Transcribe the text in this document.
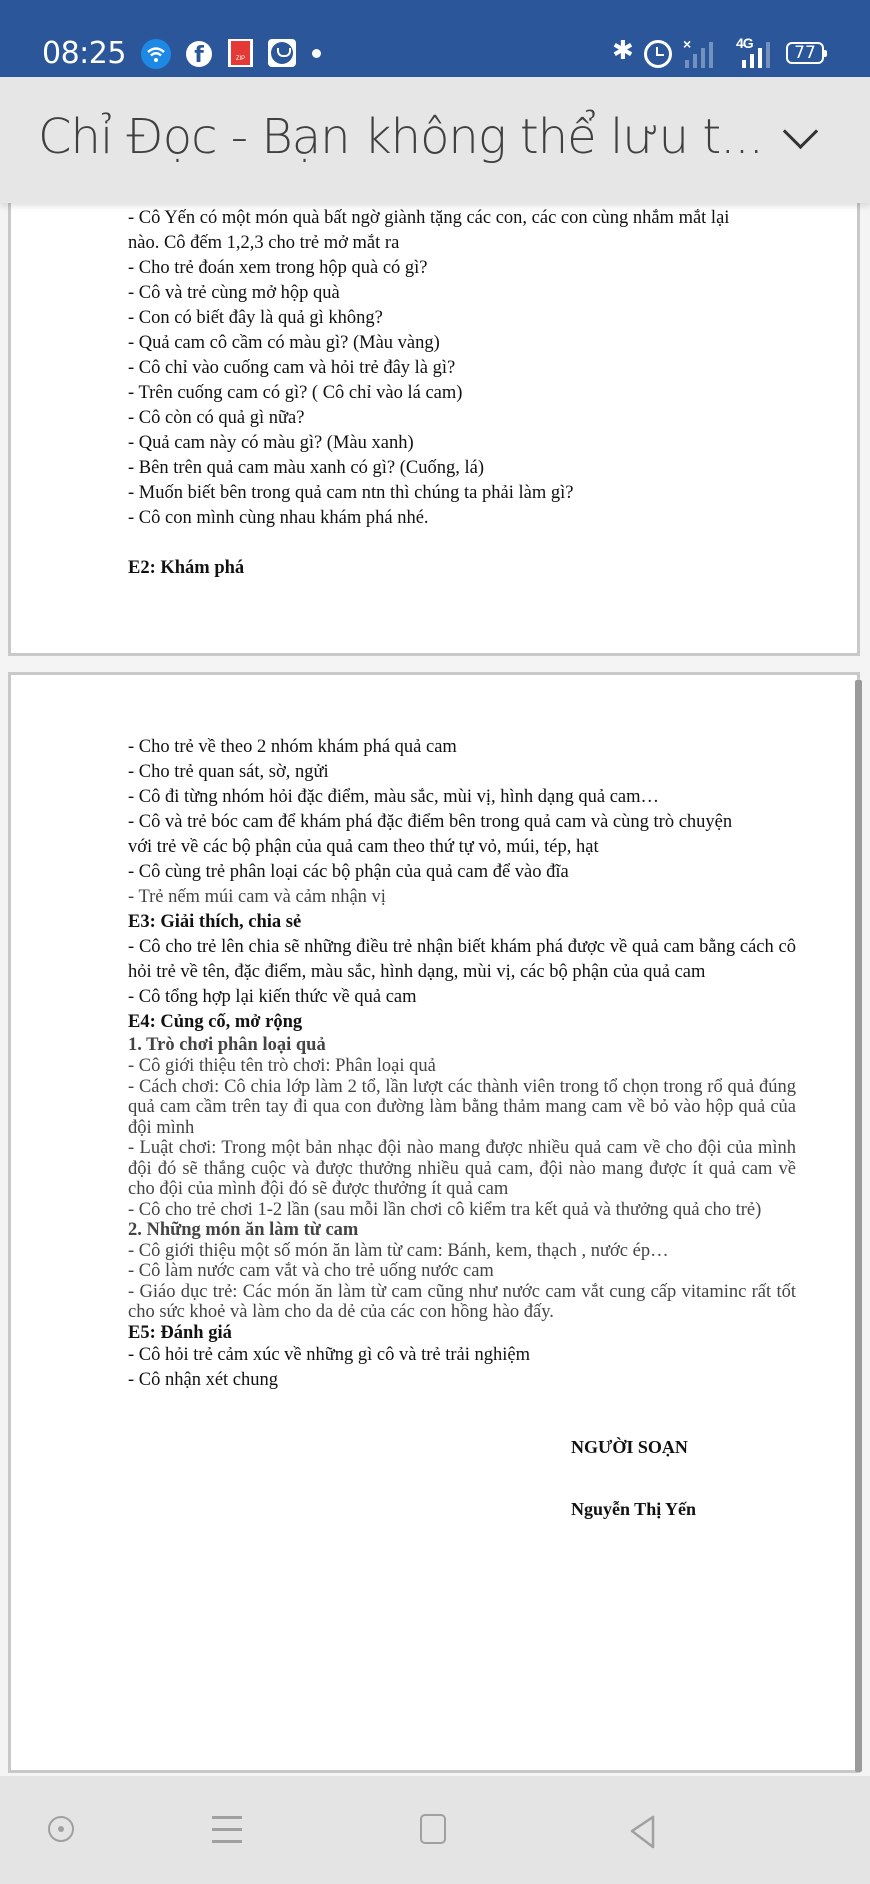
08:25	f	ZIP	✱	×	4G 77
Chỉ Đọc - Bạn không thể lưu t...
- Cô Yến có một món quà bất ngờ giành tặng các con, các con cùng nhắm mắt lại
nào. Cô đếm 1,2,3 cho trẻ mở mắt ra
- Cho trẻ đoán xem trong hộp quà có gì?
- Cô và trẻ cùng mở hộp quà
- Con có biết đây là quả gì không?
- Quả cam cô cầm có màu gì? (Màu vàng)
- Cô chỉ vào cuống cam và hỏi trẻ đây là gì?
- Trên cuống cam có gì? ( Cô chỉ vào lá cam)
- Cô còn có quả gì nữa?
- Quả cam này có màu gì? (Màu xanh)
- Bên trên quả cam màu xanh có gì? (Cuống, lá)
- Muốn biết bên trong quả cam ntn thì chúng ta phải làm gì?
- Cô con mình cùng nhau khám phá nhé.
E2: Khám phá
- Cho trẻ về theo 2 nhóm khám phá quả cam
- Cho trẻ quan sát, sờ, ngửi
- Cô đi từng nhóm hỏi đặc điểm, màu sắc, mùi vị, hình dạng quả cam…
- Cô và trẻ bóc cam để khám phá đặc điểm bên trong quả cam và cùng trò chuyện
với trẻ về các bộ phận của quả cam theo thứ tự vỏ, múi, tép, hạt
- Cô cùng trẻ phân loại các bộ phận của quả cam để vào đĩa
- Trẻ nếm múi cam và cảm nhận vị
E3: Giải thích, chia sẻ
- Cô cho trẻ lên chia sẽ những điều trẻ nhận biết khám phá được về quả cam bằng cách cô hỏi trẻ về tên, đặc điểm, màu sắc, hình dạng, mùi vị, các bộ phận của quả cam
- Cô tổng hợp lại kiến thức về quả cam
E4: Củng cố, mở rộng
1. Trò chơi phân loại quả
- Cô giới thiệu tên trò chơi: Phân loại quả
- Cách chơi: Cô chia lớp làm 2 tổ, lần lượt các thành viên trong tổ chọn trong rổ quả đúng quả cam cầm trên tay đi qua con đường làm bằng thảm mang cam về bỏ vào hộp quả của đội mình
- Luật chơi: Trong một bản nhạc đội nào mang được nhiều quả cam về cho đội của mình đội đó sẽ thắng cuộc và được thưởng nhiều quả cam, đội nào mang được ít quả cam về cho đội của mình đội đó sẽ được thưởng ít quả cam
- Cô cho trẻ chơi 1-2 lần (sau mỗi lần chơi cô kiểm tra kết quả và thưởng quả cho trẻ)
2. Những món ăn làm từ cam
- Cô giới thiệu một số món ăn làm từ cam: Bánh, kem, thạch , nước ép…
- Cô làm nước cam vắt và cho trẻ uống nước cam
- Giáo dục trẻ: Các món ăn làm từ cam cũng như nước cam vắt cung cấp vitaminc rất tốt cho sức khoẻ và làm cho da dẻ của các con hồng hào đấy.
E5: Đánh giá
- Cô hỏi trẻ cảm xúc về những gì cô và trẻ trải nghiệm
- Cô nhận xét chung
NGƯỜI SOẠN
Nguyễn Thị Yến
